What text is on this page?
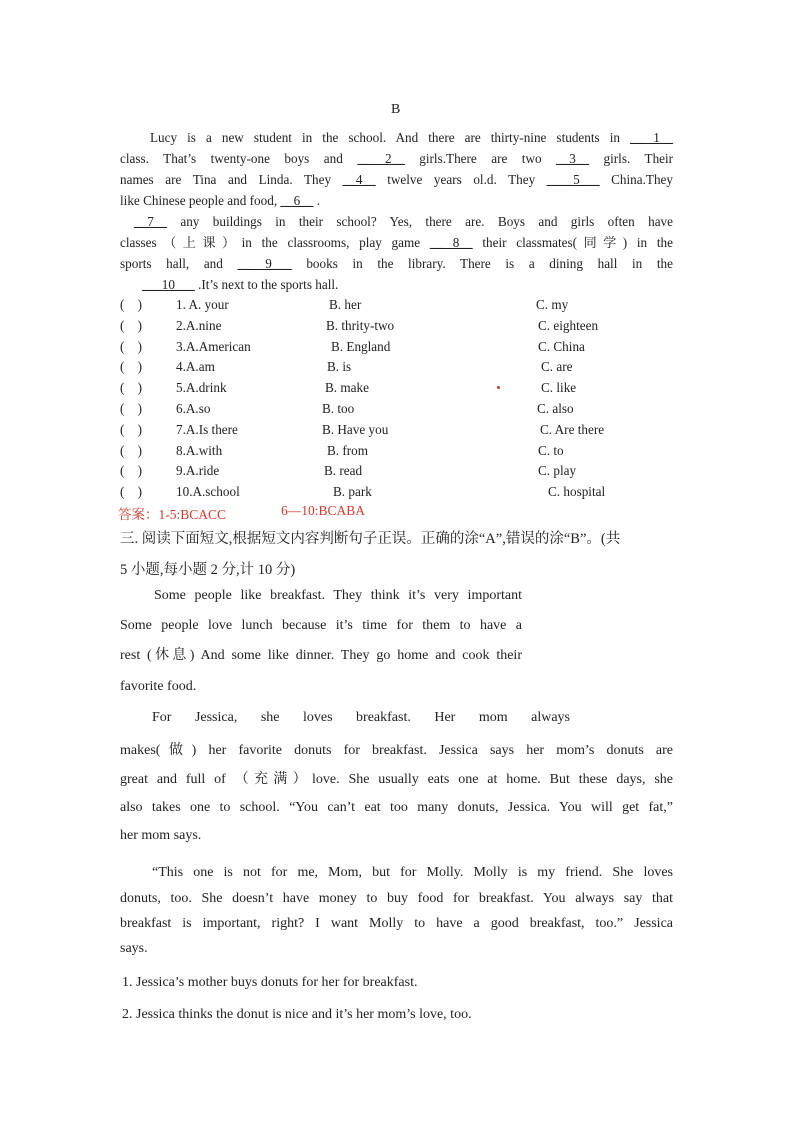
B
Lucy is a new student in the school. And there are thirty-nine students in __ 1__
class. That’s twenty-one boys and __ 2__ girls.There are two __3__ girls. Their
names are Tina and Linda. They __4__ twelve years ol.d. They ____5___ China.They
like Chinese people and food, __6__ .
__7__ any buildings in their school? Yes, there are. Boys and girls often have
classes（上课）in the classrooms, play game __ 8__ their classmates(同学) in the
sports hall, and __ 9___ books in the library. There is a dining hall in the
___10___ .It’s next to the sports hall.
(    )	1. A. your	B. her	C. my
(    )	2.A.nine	B. thrity-two	C. eighteen
(    )	3.A.American	B. England	C. China
(    )	4.A.am	B. is	C. are
(    )	5.A.drink	B. make	C. like
(    )	6.A.so	B. too	C. also
(    )	7.A.Is there	B. Have you	C. Are there
(    )	8.A.with	B. from	C. to
(    )	9.A.ride	B. read	C. play
(    )	10.A.school	B. park	C. hospital
答案：1-5:BCACC	6—10:BCABA
三. 阅读下面短文,根据短文内容判断句子正误。正确的涂“A”,错误的涂“B”。(共
5 小题,每小题 2 分,计 10 分)
Some people like breakfast. They think it’s very important
Some people love lunch because it’s time for them to have a
rest (休息) And some like dinner. They go home and cook their
favorite food.
For Jessica, she loves breakfast. Her mom always
makes(做) her favorite donuts for breakfast. Jessica says her mom’s donuts are
great and full of （充满）love. She usually eats one at home. But these days, she
also takes one to school. “You can’t eat too many donuts, Jessica. You will get fat,”
her mom says.
“This one is not for me, Mom, but for Molly. Molly is my friend. She loves
donuts, too. She doesn’t have money to buy food for breakfast. You always say that
breakfast is important, right? I want Molly to have a good breakfast, too.” Jessica
says.
1. Jessica’s mother buys donuts for her for breakfast.
2. Jessica thinks the donut is nice and it’s her mom’s love, too.
